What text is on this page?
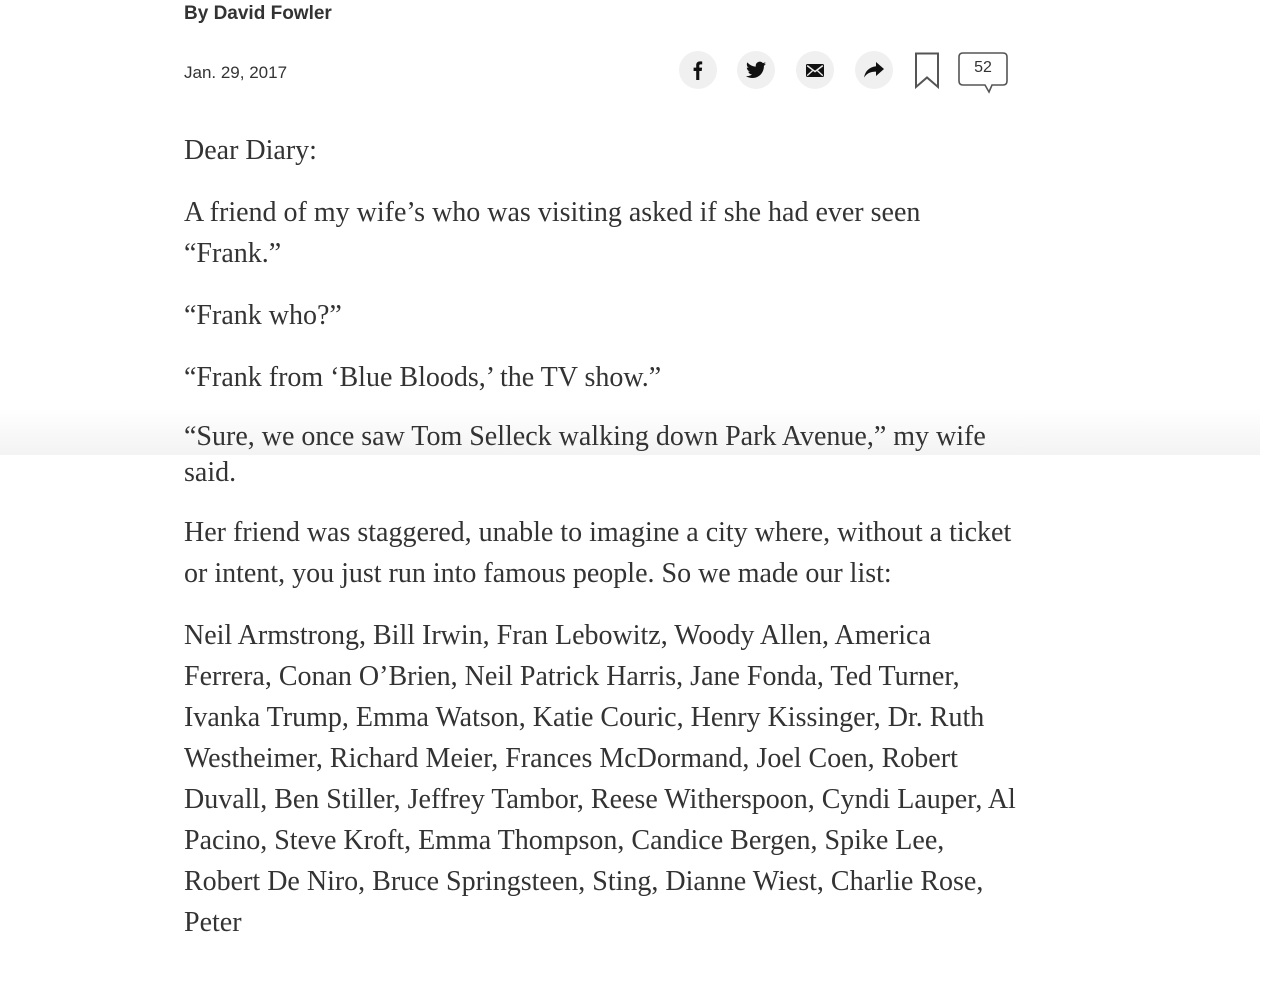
By David Fowler
Jan. 29, 2017	52

Dear Diary:

A friend of my wife’s who was visiting asked if she had ever seen “Frank.”

“Frank who?”

“Frank from ‘Blue Bloods,’ the TV show.”

“Sure, we once saw Tom Selleck walking down Park Avenue,” my wife said.

Her friend was staggered, unable to imagine a city where, without a ticket or intent, you just run into famous people. So we made our list:

Neil Armstrong, Bill Irwin, Fran Lebowitz, Woody Allen, America Ferrera, Conan O’Brien, Neil Patrick Harris, Jane Fonda, Ted Turner, Ivanka Trump, Emma Watson, Katie Couric, Henry Kissinger, Dr. Ruth Westheimer, Richard Meier, Frances McDormand, Joel Coen, Robert Duvall, Ben Stiller, Jeffrey Tambor, Reese Witherspoon, Cyndi Lauper, Al Pacino, Steve Kroft, Emma Thompson, Candice Bergen, Spike Lee, Robert De Niro, Bruce Springsteen, Sting, Dianne Wiest, Charlie Rose, Peter
